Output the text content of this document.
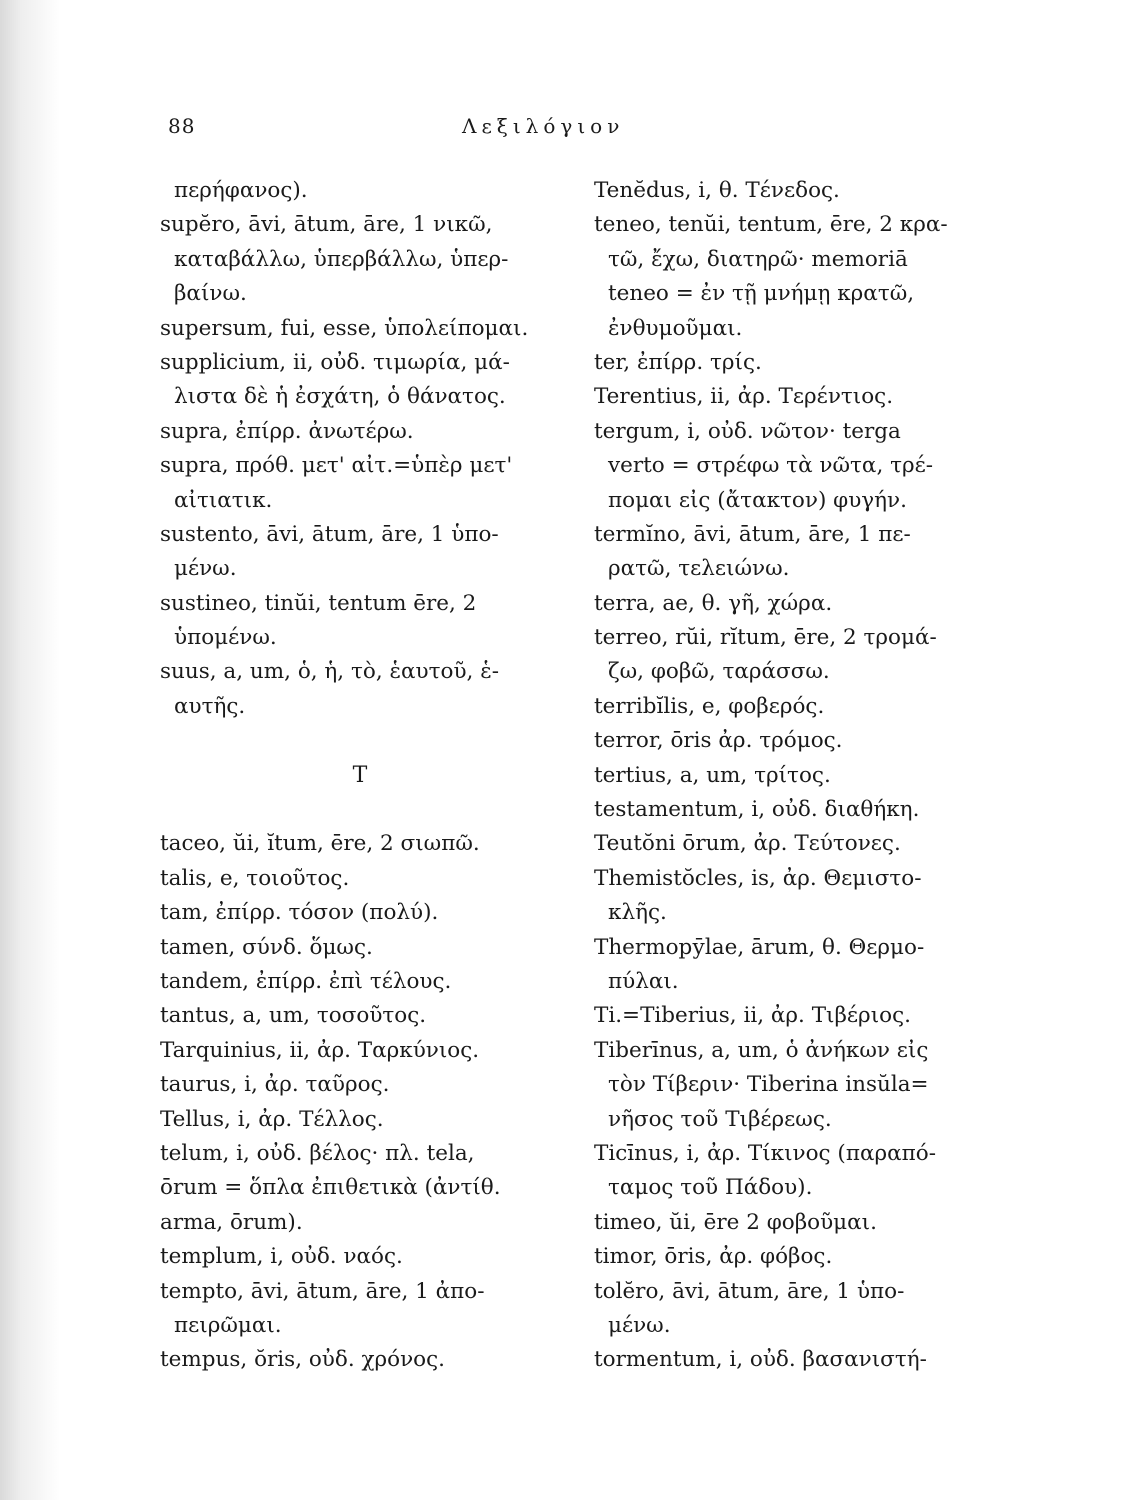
88	Λεξιλόγιον
περήφανος).
supĕro, āvi, ātum, āre, 1 νικῶ,
καταβάλλω, ὑπερβάλλω, ὑπερ-
βαίνω.
supersum, fui, esse, ὑπολείπομαι.
supplicium, ii, οὐδ. τιμωρία, μά-
λιστα δὲ ἡ ἐσχάτη, ὁ θάνατος.
supra, ἐπίρρ. ἀνωτέρω.
supra, πρόθ. μετ' αἰτ.=ὑπὲρ μετ'
αἰτιατικ.
sustento, āvi, ātum, āre, 1 ὑπο-
μένω.
sustineo, tinŭi, tentum ēre, 2
ὑπομένω.
suus, a, um, ὁ, ἡ, τὸ, ἑαυτοῦ, ἑ-
αυτῆς.
T
taceo, ŭi, ĭtum, ēre, 2 σιωπῶ.
talis, e, τοιοῦτος.
tam, ἐπίρρ. τόσον (πολύ).
tamen, σύνδ. ὅμως.
tandem, ἐπίρρ. ἐπὶ τέλους.
tantus, a, um, τοσοῦτος.
Tarquinius, ii, ἀρ. Ταρκύνιος.
taurus, i, ἀρ. ταῦρος.
Tellus, i, ἀρ. Τέλλος.
telum, i, οὐδ. βέλος· πλ. tela,
ōrum = ὅπλα ἐπιθετικὰ (ἀντίθ.
arma, ōrum).
templum, i, οὐδ. ναός.
tempto, āvi, ātum, āre, 1 ἀπο-
πειρῶμαι.
tempus, ŏris, οὐδ. χρόνος.
Tenĕdus, i, θ. Τένεδος.
teneo, tenŭi, tentum, ēre, 2 κρα-
τῶ, ἔχω, διατηρῶ· memoriā
teneo = ἐν τῇ μνήμῃ κρατῶ,
ἐνθυμοῦμαι.
ter, ἐπίρρ. τρίς.
Terentius, ii, ἀρ. Τερέντιος.
tergum, i, οὐδ. νῶτον· terga
verto = στρέφω τὰ νῶτα, τρέ-
πομαι εἰς (ἄτακτον) φυγήν.
termĭno, āvi, ātum, āre, 1 πε-
ρατῶ, τελειώνω.
terra, ae, θ. γῆ, χώρα.
terreo, rŭi, rĭtum, ēre, 2 τρομά-
ζω, φοβῶ, ταράσσω.
terribĭlis, e, φοβερός.
terror, ōris ἀρ. τρόμος.
tertius, a, um, τρίτος.
testamentum, i, οὐδ. διαθήκη.
Teutŏni ōrum, ἀρ. Τεύτονες.
Themistŏcles, is, ἀρ. Θεμιστο-
κλῆς.
Thermopӯlae, ārum, θ. Θερμο-
πύλαι.
Ti.=Tiberius, ii, ἀρ. Τιβέριος.
Tiberīnus, a, um, ὁ ἀνήκων εἰς
τὸν Τίβεριν· Tiberina insŭla=
νῆσος τοῦ Τιβέρεως.
Ticīnus, i, ἀρ. Τίκινος (παραπό-
ταμος τοῦ Πάδου).
timeo, ŭi, ēre 2 φοβοῦμαι.
timor, ōris, ἀρ. φόβος.
tolĕro, āvi, ātum, āre, 1 ὑπο-
μένω.
tormentum, i, οὐδ. βασανιστή-
